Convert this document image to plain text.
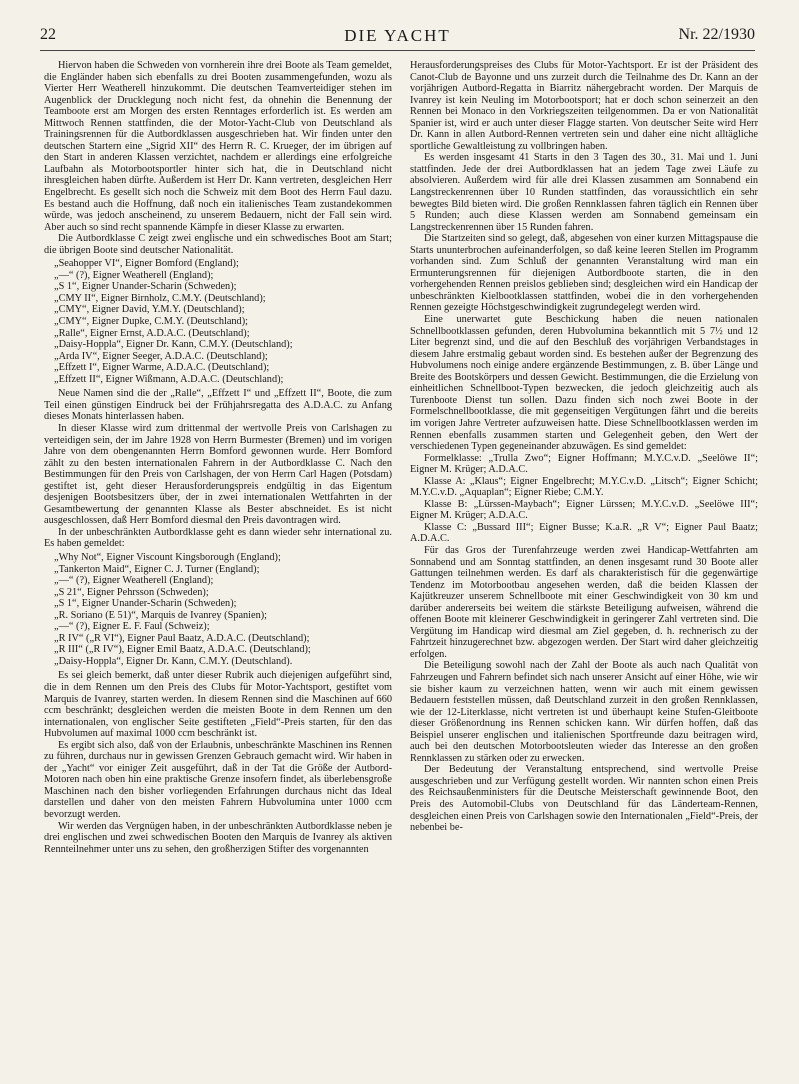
22	DIE YACHT	Nr. 22/1930

Hiervon haben die Schweden von vornherein ihre drei Boote als Team gemeldet, die Engländer haben sich ebenfalls zu drei Booten zusammengefunden, wozu als Vierter Herr Weatherell hinzukommt. Die deutschen Teamverteidiger stehen im Augenblick der Drucklegung noch nicht fest, da ohnehin die Benennung der Teamboote erst am Morgen des ersten Renntages erforderlich ist. Es werden am Mittwoch Rennen stattfinden, die der Motor-Yacht-Club von Deutschland als Trainingsrennen für die Autbordklassen ausgeschrieben hat. Wir finden unter den deutschen Startern eine „Sigrid XII“ des Herrn R. C. Krueger, der im übrigen auf den Start in anderen Klassen verzichtet, nachdem er allerdings eine erfolgreiche Laufbahn als Motorbootsportler hinter sich hat, die in Deutschland nicht ihresgleichen haben dürfte. Außerdem ist Herr Dr. Kann vertreten, desgleichen Herr Engelbrecht. Es gesellt sich noch die Schweiz mit dem Boot des Herrn Faul dazu. Es bestand auch die Hoffnung, daß noch ein italienisches Team zustandekommen würde, was jedoch anscheinend, zu unserem Bedauern, nicht der Fall sein wird. Aber auch so sind recht spannende Kämpfe in dieser Klasse zu erwarten.

Die Autbordklasse C zeigt zwei englische und ein schwedisches Boot am Start; die übrigen Boote sind deutscher Nationalität.

„Seahopper VI“, Eigner Bomford (England);
„—“ (?), Eigner Weatherell (England);
„S 1“, Eigner Unander-Scharin (Schweden);
„CMY II“, Eigner Birnholz, C.M.Y. (Deutschland);
„CMY“, Eigner David, Y.M.Y. (Deutschland);
„CMY“, Eigner Dupke, C.M.Y. (Deutschland);
„Ralle“, Eigner Ernst, A.D.A.C. (Deutschland);
„Daisy-Hoppla“, Eigner Dr. Kann, C.M.Y. (Deutschland);
„Arda IV“, Eigner Seeger, A.D.A.C. (Deutschland);
„Effzett I“, Eigner Warme, A.D.A.C. (Deutschland);
„Effzett II“, Eigner Wißmann, A.D.A.C. (Deutschland);

Neue Namen sind die der „Ralle“, „Effzett I“ und „Effzett II“, Boote, die zum Teil einen günstigen Eindruck bei der Frühjahrsregatta des A.D.A.C. zu Anfang dieses Monats hinterlassen haben.

In dieser Klasse wird zum drittenmal der wertvolle Preis von Carlshagen zu verteidigen sein, der im Jahre 1928 von Herrn Burmester (Bremen) und im vorigen Jahre von dem obengenannten Herrn Bomford gewonnen wurde. Herr Bomford zählt zu den besten internationalen Fahrern in der Autbordklasse C. Nach den Bestimmungen für den Preis von Carlshagen, der von Herrn Carl Hagen (Potsdam) gestiftet ist, geht dieser Herausforderungspreis endgültig in das Eigentum desjenigen Bootsbesitzers über, der in zwei internationalen Wettfahrten in der Gesamtbewertung der genannten Klasse als Bester abschneidet. Es ist nicht ausgeschlossen, daß Herr Bomford diesmal den Preis davontragen wird.

In der unbeschränkten Autbordklasse geht es dann wieder sehr international zu. Es haben gemeldet:

„Why Not“, Eigner Viscount Kingsborough (England);
„Tankerton Maid“, Eigner C. J. Turner (England);
„—“ (?), Eigner Weatherell (England);
„S 21“, Eigner Pehrsson (Schweden);
„S 1“, Eigner Unander-Scharin (Schweden);
„R. Soriano (E 51)“, Marquis de Ivanrey (Spanien);
„—“ (?), Eigner E. F. Faul (Schweiz);
„R IV“ („R VI“), Eigner Paul Baatz, A.D.A.C. (Deutschland);
„R III“ („R IV“), Eigner Emil Baatz, A.D.A.C. (Deutschland);
„Daisy-Hoppla“, Eigner Dr. Kann, C.M.Y. (Deutschland).

Es sei gleich bemerkt, daß unter dieser Rubrik auch diejenigen aufgeführt sind, die in dem Rennen um den Preis des Clubs für Motor-Yachtsport, gestiftet vom Marquis de Ivanrey, starten werden. In diesem Rennen sind die Maschinen auf 660 ccm beschränkt; desgleichen werden die meisten Boote in dem Rennen um den internationalen, von englischer Seite gestifteten „Field“-Preis starten, für den das Hubvolumen auf maximal 1000 ccm beschränkt ist.

Es ergibt sich also, daß von der Erlaubnis, unbeschränkte Maschinen ins Rennen zu führen, durchaus nur in gewissen Grenzen Gebrauch gemacht wird. Wir haben in der „Yacht“ vor einiger Zeit ausgeführt, daß in der Tat die Größe der Autbord-Motoren nach oben hin eine praktische Grenze insofern findet, als überlebensgroße Maschinen nach den bisher vorliegenden Erfahrungen durchaus nicht das Ideal darstellen und daher von den meisten Fahrern Hubvolumina unter 1000 ccm bevorzugt werden.

Wir werden das Vergnügen haben, in der unbeschränkten Autbordklasse neben je drei englischen und zwei schwedischen Booten den Marquis de Ivanrey als aktiven Rennteilnehmer unter uns zu sehen, den großherzigen Stifter des vorgenannten

Herausforderungspreises des Clubs für Motor-Yachtsport. Er ist der Präsident des Canot-Club de Bayonne und uns zurzeit durch die Teilnahme des Dr. Kann an der vorjährigen Autbord-Regatta in Biarritz nähergebracht worden. Der Marquis de Ivanrey ist kein Neuling im Motorbootsport; hat er doch schon seinerzeit an den Rennen bei Monaco in den Vorkriegszeiten teilgenommen. Da er von Nationalität Spanier ist, wird er auch unter dieser Flagge starten. Von deutscher Seite wird Herr Dr. Kann in allen Autbord-Rennen vertreten sein und daher eine nicht alltägliche sportliche Gewaltleistung zu vollbringen haben.

Es werden insgesamt 41 Starts in den 3 Tagen des 30., 31. Mai und 1. Juni stattfinden. Jede der drei Autbordklassen hat an jedem Tage zwei Läufe zu absolvieren. Außerdem wird für alle drei Klassen zusammen am Sonnabend ein Langstreckenrennen über 10 Runden stattfinden, das voraussichtlich ein sehr bewegtes Bild bieten wird. Die großen Rennklassen fahren täglich ein Rennen über 5 Runden; auch diese Klassen werden am Sonnabend gemeinsam ein Langstreckenrennen über 15 Runden fahren.

Die Startzeiten sind so gelegt, daß, abgesehen von einer kurzen Mittagspause die Starts ununterbrochen aufeinanderfolgen, so daß keine leeren Stellen im Programm vorhanden sind. Zum Schluß der genannten Veranstaltung wird man ein Ermunterungsrennen für diejenigen Autbordboote starten, die in den vorhergehenden Rennen preislos geblieben sind; desgleichen wird ein Handicap der unbeschränkten Kielbootklassen stattfinden, wobei die in den vorhergehenden Rennen gezeigte Höchstgeschwindigkeit zugrundegelegt werden wird.

Eine unerwartet gute Beschickung haben die neuen nationalen Schnellbootklassen gefunden, deren Hubvolumina bekanntlich mit 5 7½ und 12 Liter begrenzt sind, und die auf den Beschluß des vorjährigen Verbandstages in diesem Jahre erstmalig gebaut worden sind. Es bestehen außer der Begrenzung des Hubvolumens noch einige andere ergänzende Bestimmungen, z. B. über Länge und Breite des Bootskörpers und dessen Gewicht. Bestimmungen, die die Erzielung von einheitlichen Schnellboot-Typen bezwecken, die jedoch gleichzeitig auch als Turenboote Dienst tun sollen. Dazu finden sich noch zwei Boote in der Formelschnellbootklasse, die mit gegenseitigen Vergütungen fährt und die bereits im vorigen Jahre Vertreter aufzuweisen hatte. Diese Schnellbootklassen werden im Rennen ebenfalls zusammen starten und Gelegenheit geben, den Wert der verschiedenen Typen gegeneinander abzuwägen. Es sind gemeldet:

Formelklasse: „Trulla Zwo“; Eigner Hoffmann; M.Y.C.v.D. „Seelöwe II“; Eigner M. Krüger; A.D.A.C.

Klasse A: „Klaus“; Eigner Engelbrecht; M.Y.C.v.D. „Litsch“; Eigner Schicht; M.Y.C.v.D. „Aquaplan“; Eigner Riebe; C.M.Y.

Klasse B: „Lürssen-Maybach“; Eigner Lürssen; M.Y.C.v.D. „Seelöwe III“; Eigner M. Krüger; A.D.A.C.

Klasse C: „Bussard III“; Eigner Busse; K.a.R. „R V“; Eigner Paul Baatz; A.D.A.C.

Für das Gros der Turenfahrzeuge werden zwei Handicap-Wettfahrten am Sonnabend und am Sonntag stattfinden, an denen insgesamt rund 30 Boote aller Gattungen teilnehmen werden. Es darf als charakteristisch für die gegenwärtige Tendenz im Motorbootbau angesehen werden, daß die beiden Klassen der Kajütkreuzer unserem Schnellboote mit einer Geschwindigkeit von 30 km und darüber andererseits bei weitem die stärkste Beteiligung aufweisen, während die offenen Boote mit kleinerer Geschwindigkeit in geringerer Zahl vertreten sind. Die Vergütung im Handicap wird diesmal am Ziel gegeben, d. h. rechnerisch zu der Fahrtzeit hinzugerechnet bzw. abgezogen werden. Der Start wird daher gleichzeitig erfolgen.

Die Beteiligung sowohl nach der Zahl der Boote als auch nach Qualität von Fahrzeugen und Fahrern befindet sich nach unserer Ansicht auf einer Höhe, wie wir sie bisher kaum zu verzeichnen hatten, wenn wir auch mit einem gewissen Bedauern feststellen müssen, daß Deutschland zurzeit in den großen Rennklassen, wie der 12-Literklasse, nicht vertreten ist und überhaupt keine Stufen-Gleitboote dieser Größenordnung ins Rennen schicken kann. Wir dürfen hoffen, daß das Beispiel unserer englischen und italienischen Sportfreunde dazu beitragen wird, auch bei den deutschen Motorbootsleuten wieder das Interesse an den großen Rennklassen zu stärken oder zu erwecken.

Der Bedeutung der Veranstaltung entsprechend, sind wertvolle Preise ausgeschrieben und zur Verfügung gestellt worden. Wir nannten schon einen Preis des Reichsaußenministers für die Deutsche Meisterschaft gewinnende Boot, den Preis des Automobil-Clubs von Deutschland für das Länderteam-Rennen, desgleichen einen Preis von Carlshagen sowie den Internationalen „Field“-Preis, der nebenbei be-
